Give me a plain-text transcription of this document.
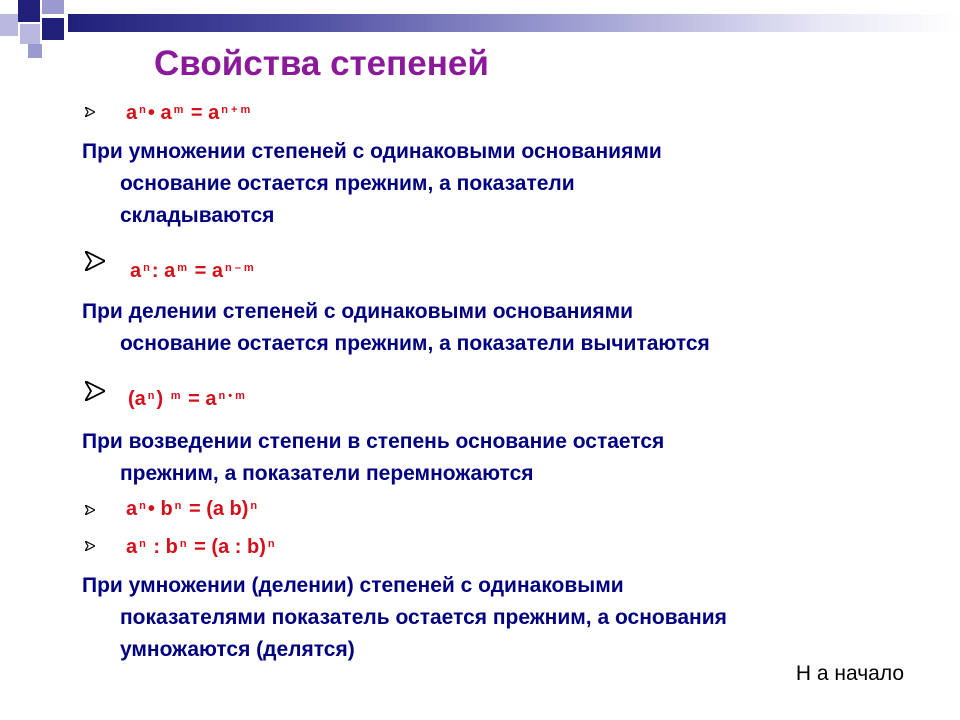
Свойства степеней
a $^n$ • a $^m$ = a $^{n + m}$

При умножении степеней с одинаковыми основаниями
основание остается прежним, а показатели
складываются

a $^n$ : a $^m$ = a $^{n - m}$

При делении степеней с одинаковыми основаниями
основание остается прежним, а показатели вычитаются

(a $^n$ ) $^m$ = a $^{n • m}$

При возведении степени в степень основание остается
прежним, а показатели перемножаются

a $^n$ • b $^n$ = (a b) $^n$
a $^n$ : b $^n$ = (a : b) $^n$

При умножении (делении) степеней с одинаковыми
показателями показатель остается прежним, а основания
умножаются (делятся)

Н а начало
